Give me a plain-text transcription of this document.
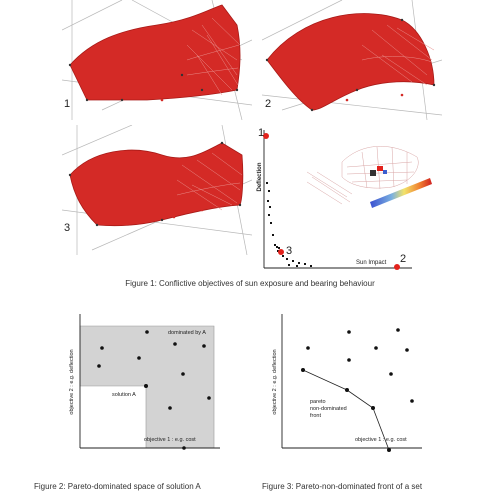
1	2
3
Deflection
Sun Impact
1
3
2
Figure 1: Conflictive objectives of sun exposure and bearing behaviour
objective 2 : e.g. deflection
objective 1 : e.g. cost
dominated by A
solution A
Figure 2: Pareto-dominated space of solution A
objective 2 : e.g. deflection
objective 1 : e.g. cost
pareto
non-dominated
front
Figure 3: Pareto-non-dominated front of a set
